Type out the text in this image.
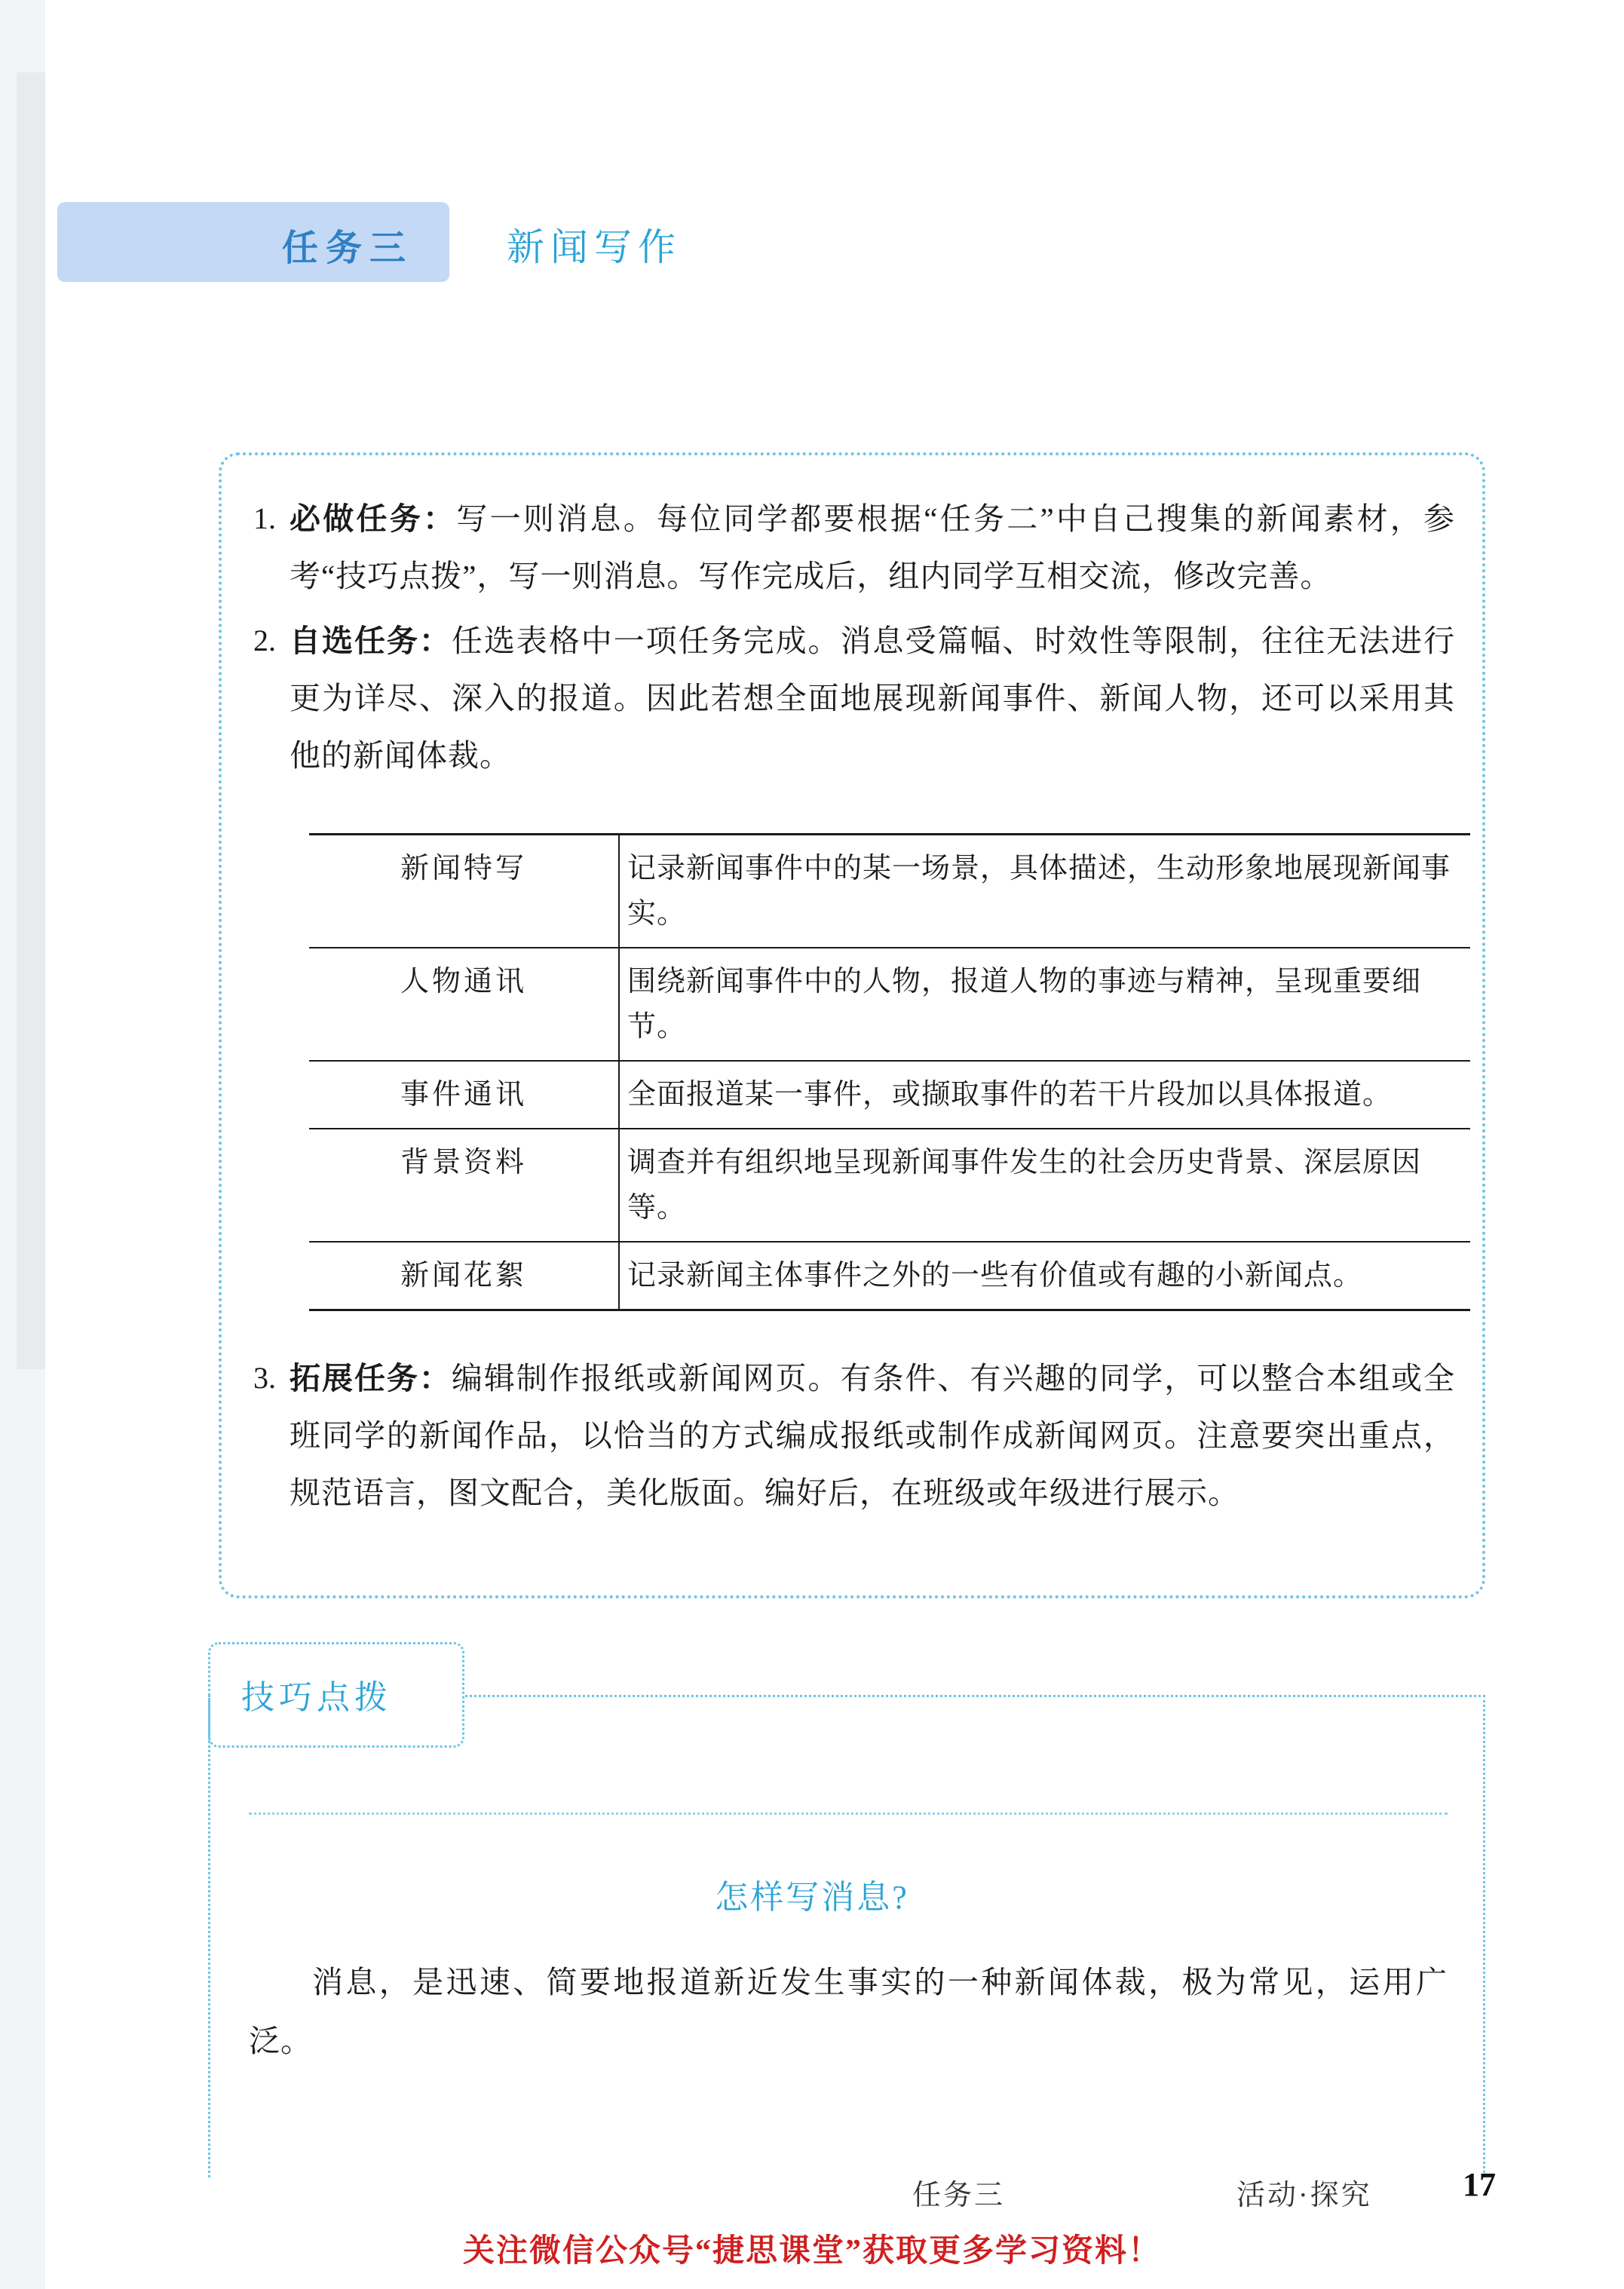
任务三 新闻写作
1. 必做任务：写一则消息。每位同学都要根据“任务二”中自己搜集的新闻素材，参考“技巧点拨”，写一则消息。写作完成后，组内同学互相交流，修改完善。
2. 自选任务：任选表格中一项任务完成。消息受篇幅、时效性等限制，往往无法进行更为详尽、深入的报道。因此若想全面地展现新闻事件、新闻人物，还可以采用其他的新闻体裁。
新闻特写	记录新闻事件中的某一场景，具体描述，生动形象地展现新闻事实。
人物通讯	围绕新闻事件中的人物，报道人物的事迹与精神，呈现重要细节。
事件通讯	全面报道某一事件，或撷取事件的若干片段加以具体报道。
背景资料	调查并有组织地呈现新闻事件发生的社会历史背景、深层原因等。
新闻花絮	记录新闻主体事件之外的一些有价值或有趣的小新闻点。
3. 拓展任务：编辑制作报纸或新闻网页。有条件、有兴趣的同学，可以整合本组或全班同学的新闻作品，以恰当的方式编成报纸或制作成新闻网页。注意要突出重点，规范语言，图文配合，美化版面。编好后，在班级或年级进行展示。
技巧点拨
怎样写消息?
消息，是迅速、简要地报道新近发生事实的一种新闻体裁，极为常见，运用广泛。
任务三	活动·探究	17
关注微信公众号“捷思课堂”获取更多学习资料！
